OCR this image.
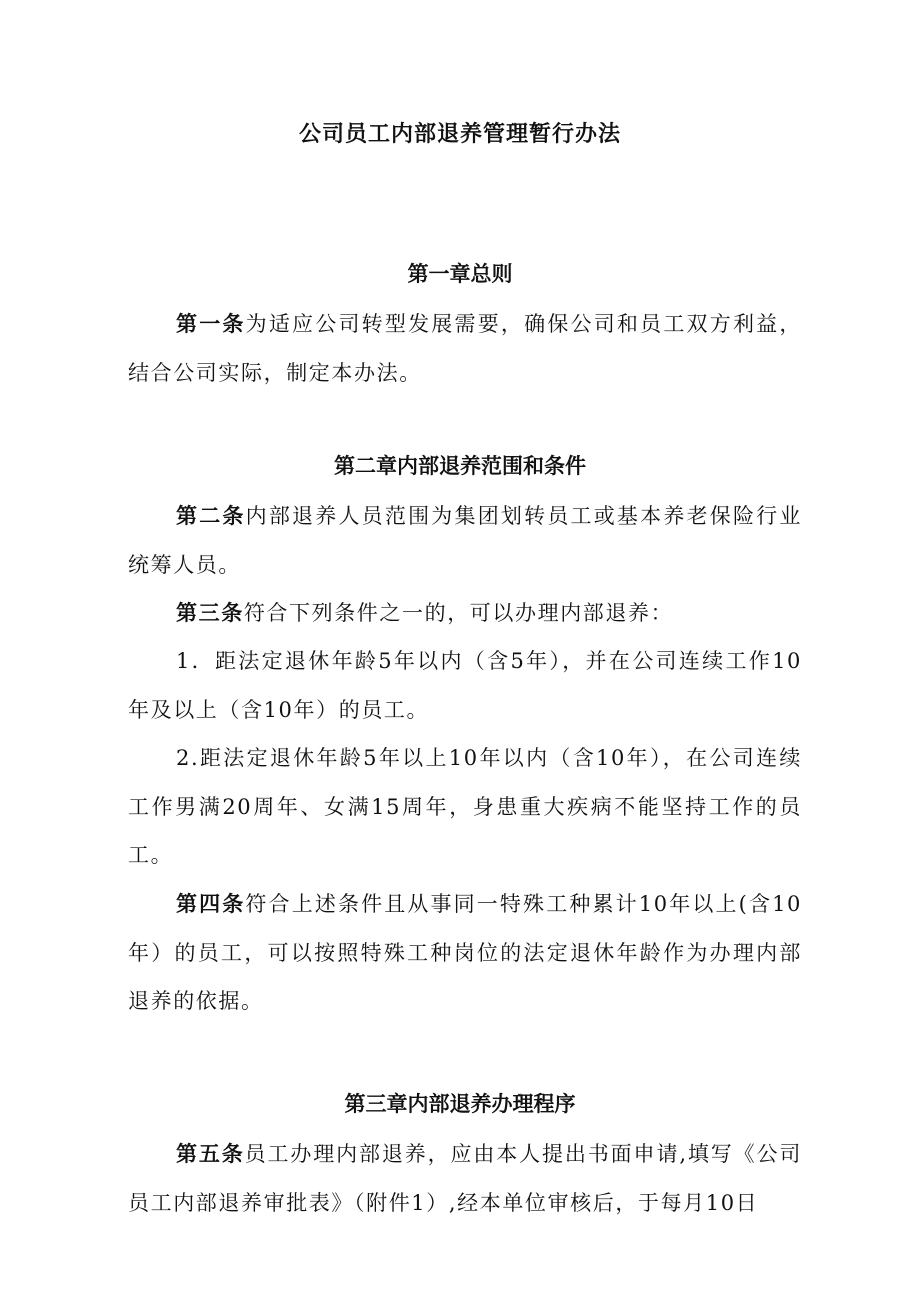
公司员工内部退养管理暂行办法
第一章总则

第一条为适应公司转型发展需要，确保公司和员工双方利益，结合公司实际，制定本办法。

第二章内部退养范围和条件

第二条内部退养人员范围为集团划转员工或基本养老保险行业统筹人员。

第三条符合下列条件之一的，可以办理内部退养：

1．距法定退休年龄5年以内（含5年），并在公司连续工作10年及以上（含10年）的员工。

2.距法定退休年龄5年以上10年以内（含10年），在公司连续工作男满20周年、女满15周年，身患重大疾病不能坚持工作的员工。

第四条符合上述条件且从事同一特殊工种累计10年以上(含10年）的员工，可以按照特殊工种岗位的法定退休年龄作为办理内部退养的依据。

第三章内部退养办理程序

第五条员工办理内部退养，应由本人提出书面申请,填写《公司员工内部退养审批表》（附件1）,经本单位审核后，于每月10日
